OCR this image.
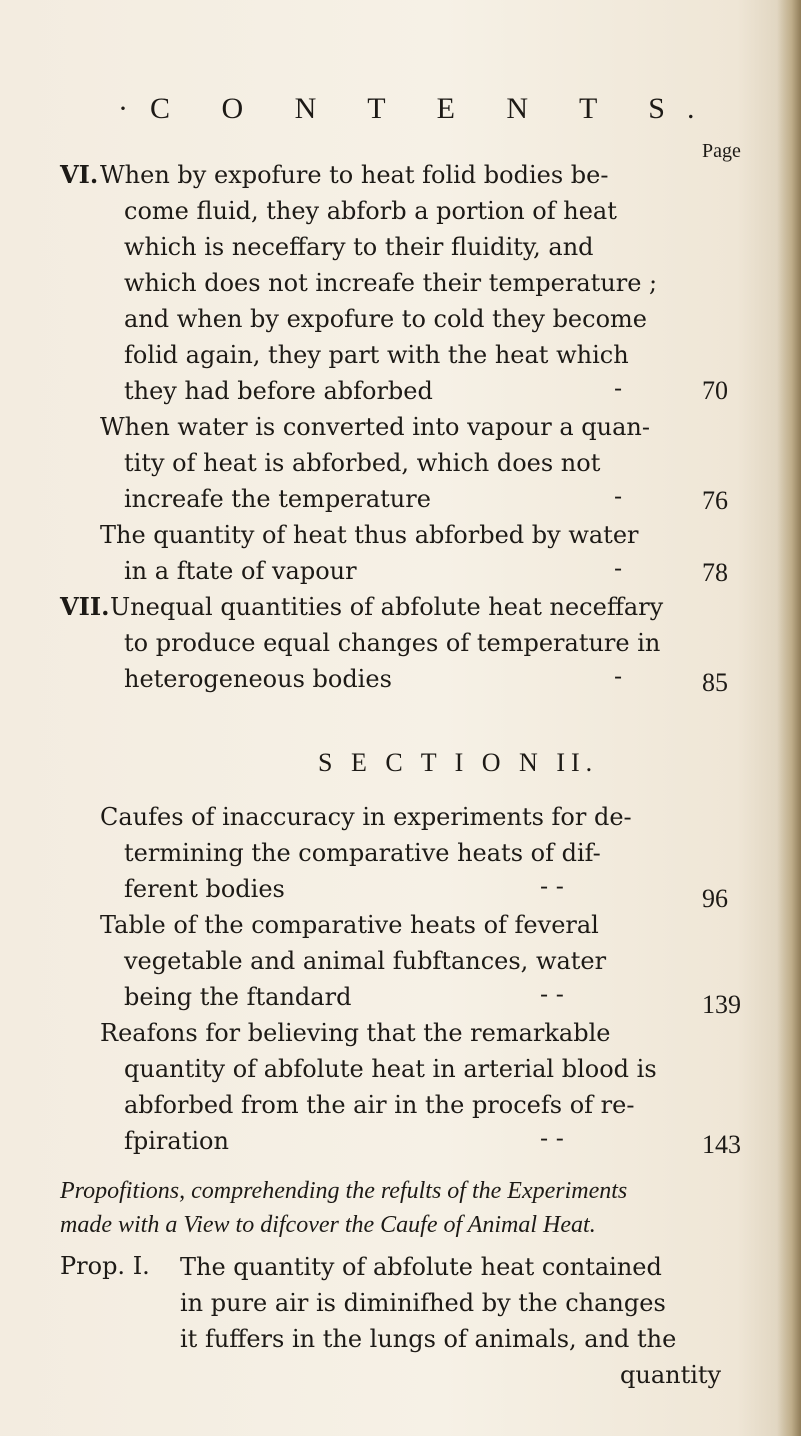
·C O N T E N T S.
Page
VI. When by expofure to heat folid bodies be-
come fluid, they abforb a portion of heat
which is neceffary to their fluidity, and
which does not increafe their temperature ;
and when by expofure to cold they become
folid again, they part with the heat which
they had before abforbed	-	70
When water is converted into vapour a quan-
tity of heat is abforbed, which does not
increafe the temperature	-	76
The quantity of heat thus abforbed by water
in a ftate of vapour	-	78
VII. Unequal quantities of abfolute heat neceffary
to produce equal changes of temperature in
heterogeneous bodies	-	85
S E C T I O N II.
Caufes of inaccuracy in experiments for de-
termining the comparative heats of dif-
ferent bodies	- -	96
Table of the comparative heats of feveral
vegetable and animal fubftances, water
being the ftandard	- -	139
Reafons for believing that the remarkable
quantity of abfolute heat in arterial blood is
abforbed from the air in the procefs of re-
fpiration	- -	143
Propofitions, comprehending the refults of the Experiments
made with a View to difcover the Caufe of Animal Heat.
Prop. I. The quantity of abfolute heat contained
in pure air is diminifhed by the changes
it fuffers in the lungs of animals, and the
quantity
